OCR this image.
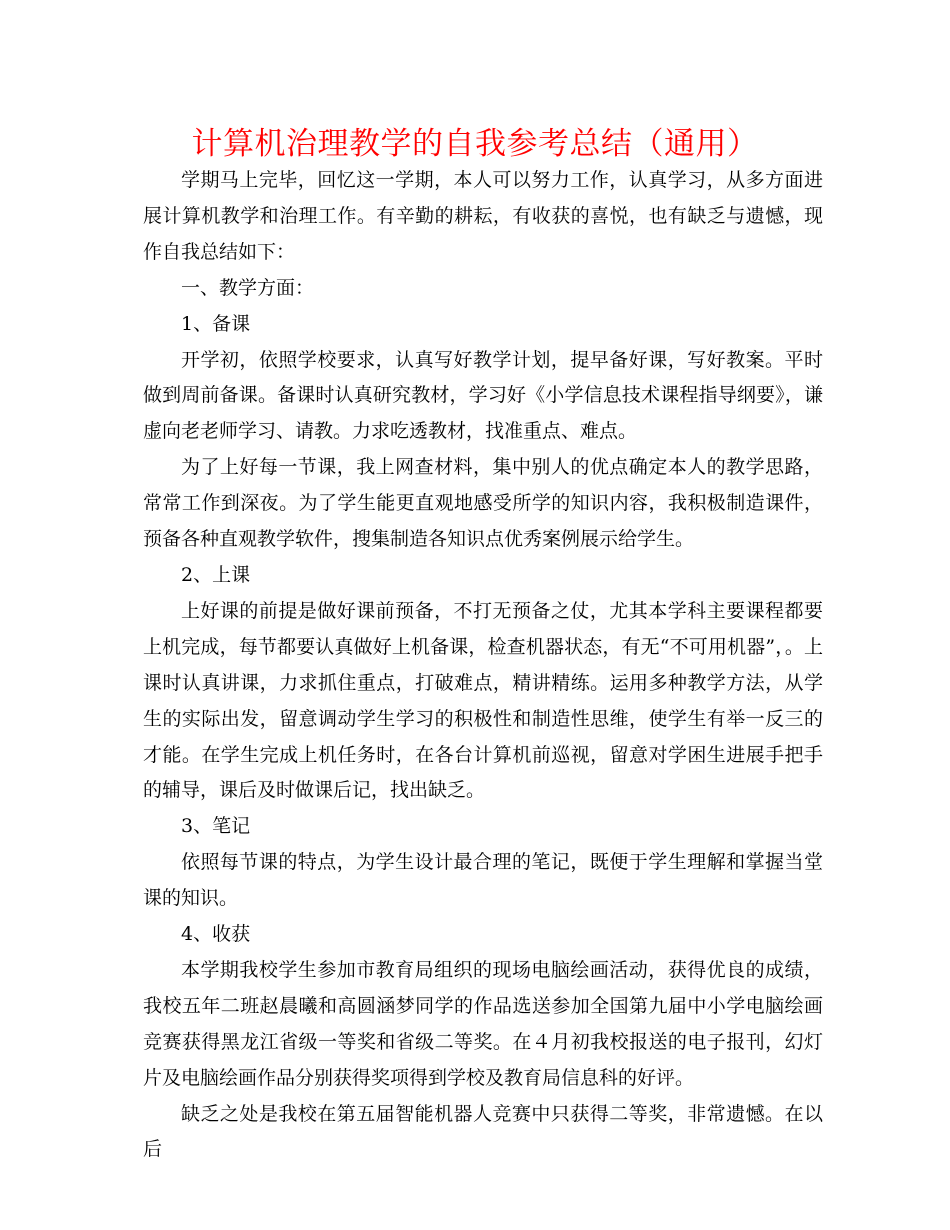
计算机治理教学的自我参考总结（通用）

学期马上完毕，回忆这一学期，本人可以努力工作，认真学习，从多方面进展计算机教学和治理工作。有辛勤的耕耘，有收获的喜悦，也有缺乏与遗憾，现作自我总结如下：

一、教学方面：

1、备课

开学初，依照学校要求，认真写好教学计划，提早备好课，写好教案。平时做到周前备课。备课时认真研究教材，学习好《小学信息技术课程指导纲要》，谦虚向老老师学习、请教。力求吃透教材，找准重点、难点。

为了上好每一节课，我上网查材料，集中别人的优点确定本人的教学思路，常常工作到深夜。为了学生能更直观地感受所学的知识内容，我积极制造课件，预备各种直观教学软件，搜集制造各知识点优秀案例展示给学生。

2、上课

上好课的前提是做好课前预备，不打无预备之仗，尤其本学科主要课程都要上机完成，每节都要认真做好上机备课，检查机器状态，有无“不可用机器”，。上课时认真讲课，力求抓住重点，打破难点，精讲精练。运用多种教学方法，从学生的实际出发，留意调动学生学习的积极性和制造性思维，使学生有举一反三的才能。在学生完成上机任务时，在各台计算机前巡视，留意对学困生进展手把手的辅导，课后及时做课后记，找出缺乏。

3、笔记

依照每节课的特点，为学生设计最合理的笔记，既便于学生理解和掌握当堂课的知识。

4、收获

本学期我校学生参加市教育局组织的现场电脑绘画活动，获得优良的成绩，我校五年二班赵晨曦和高圆涵梦同学的作品选送参加全国第九届中小学电脑绘画竞赛获得黑龙江省级一等奖和省级二等奖。在４月初我校报送的电子报刊，幻灯片及电脑绘画作品分别获得奖项得到学校及教育局信息科的好评。

缺乏之处是我校在第五届智能机器人竞赛中只获得二等奖，非常遗憾。在以后
